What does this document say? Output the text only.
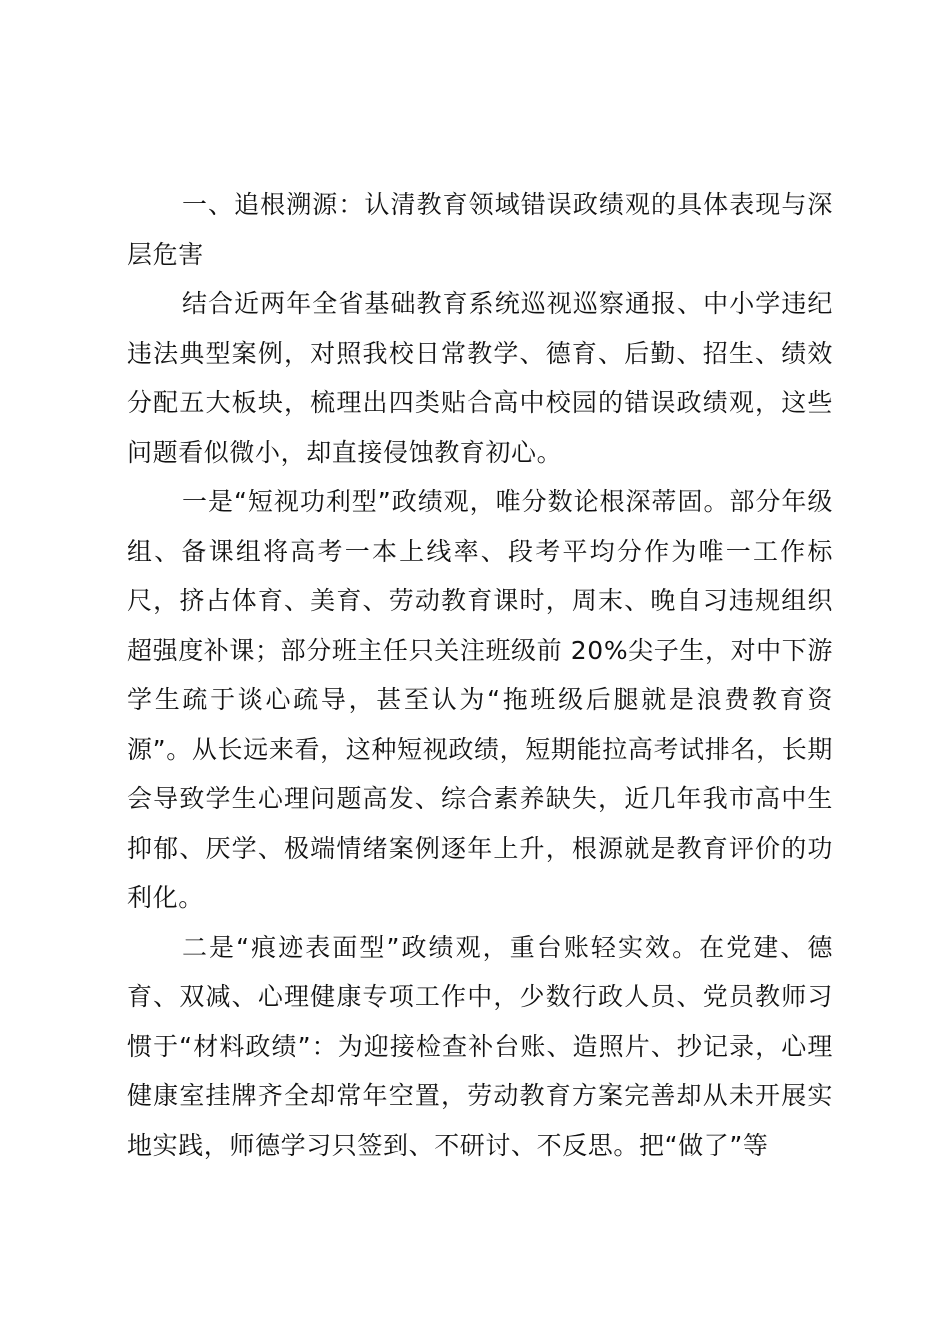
一、追根溯源：认清教育领域错误政绩观的具体表现与深层危害

结合近两年全省基础教育系统巡视巡察通报、中小学违纪违法典型案例，对照我校日常教学、德育、后勤、招生、绩效分配五大板块，梳理出四类贴合高中校园的错误政绩观，这些问题看似微小，却直接侵蚀教育初心。

一是“短视功利型”政绩观，唯分数论根深蒂固。部分年级组、备课组将高考一本上线率、段考平均分作为唯一工作标尺，挤占体育、美育、劳动教育课时，周末、晚自习违规组织超强度补课；部分班主任只关注班级前 20%尖子生，对中下游学生疏于谈心疏导，甚至认为“拖班级后腿就是浪费教育资源”。从长远来看，这种短视政绩，短期能拉高考试排名，长期会导致学生心理问题高发、综合素养缺失，近几年我市高中生抑郁、厌学、极端情绪案例逐年上升，根源就是教育评价的功利化。

二是“痕迹表面型”政绩观，重台账轻实效。在党建、德育、双减、心理健康专项工作中，少数行政人员、党员教师习惯于“材料政绩”：为迎接检查补台账、造照片、抄记录，心理健康室挂牌齐全却常年空置，劳动教育方案完善却从未开展实地实践，师德学习只签到、不研讨、不反思。把“做了”等
